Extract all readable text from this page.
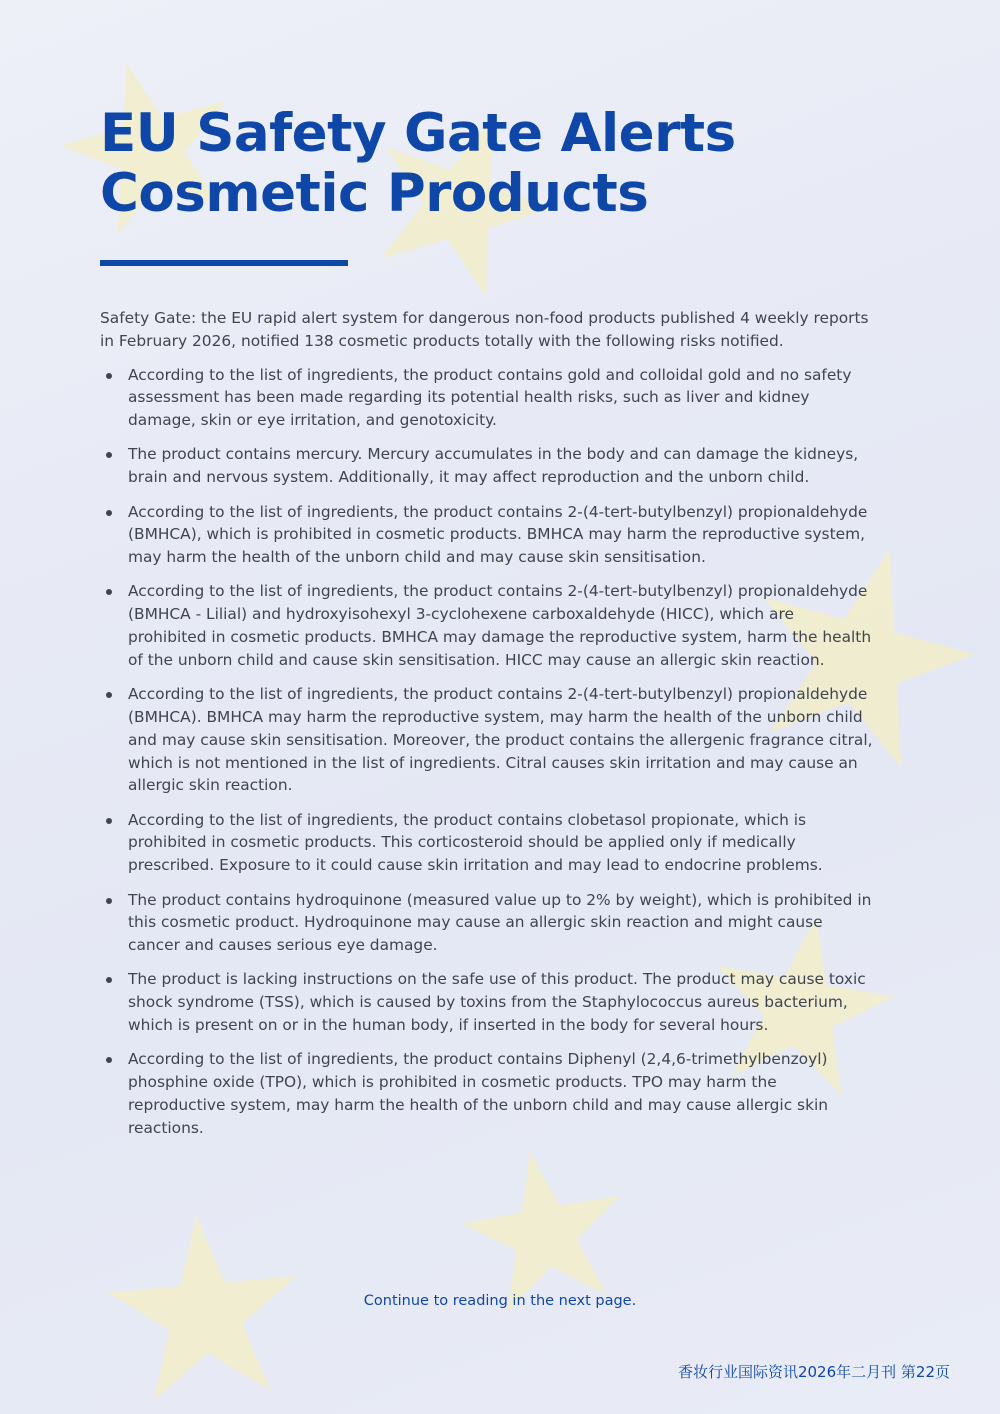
EU Safety Gate Alerts
Cosmetic Products

Safety Gate: the EU rapid alert system for dangerous non-food products published 4 weekly reports in February 2026, notified 138 cosmetic products totally with the following risks notified.

According to the list of ingredients, the product contains gold and colloidal gold and no safety assessment has been made regarding its potential health risks, such as liver and kidney damage, skin or eye irritation, and genotoxicity.
The product contains mercury. Mercury accumulates in the body and can damage the kidneys, brain and nervous system. Additionally, it may affect reproduction and the unborn child.
According to the list of ingredients, the product contains 2-(4-tert-butylbenzyl) propionaldehyde (BMHCA), which is prohibited in cosmetic products. BMHCA may harm the reproductive system, may harm the health of the unborn child and may cause skin sensitisation.
According to the list of ingredients, the product contains 2-(4-tert-butylbenzyl) propionaldehyde (BMHCA - Lilial) and hydroxyisohexyl 3-cyclohexene carboxaldehyde (HICC), which are prohibited in cosmetic products. BMHCA may damage the reproductive system, harm the health of the unborn child and cause skin sensitisation. HICC may cause an allergic skin reaction.
According to the list of ingredients, the product contains 2-(4-tert-butylbenzyl) propionaldehyde (BMHCA). BMHCA may harm the reproductive system, may harm the health of the unborn child and may cause skin sensitisation. Moreover, the product contains the allergenic fragrance citral, which is not mentioned in the list of ingredients. Citral causes skin irritation and may cause an allergic skin reaction.
According to the list of ingredients, the product contains clobetasol propionate, which is prohibited in cosmetic products. This corticosteroid should be applied only if medically prescribed. Exposure to it could cause skin irritation and may lead to endocrine problems.
The product contains hydroquinone (measured value up to 2% by weight), which is prohibited in this cosmetic product. Hydroquinone may cause an allergic skin reaction and might cause cancer and causes serious eye damage.
The product is lacking instructions on the safe use of this product. The product may cause toxic shock syndrome (TSS), which is caused by toxins from the Staphylococcus aureus bacterium, which is present on or in the human body, if inserted in the body for several hours.
According to the list of ingredients, the product contains Diphenyl (2,4,6-trimethylbenzoyl) phosphine oxide (TPO), which is prohibited in cosmetic products. TPO may harm the reproductive system, may harm the health of the unborn child and may cause allergic skin reactions.
Continue to reading in the next page.
香妆行业国际资讯2026年二月刊 第22页
